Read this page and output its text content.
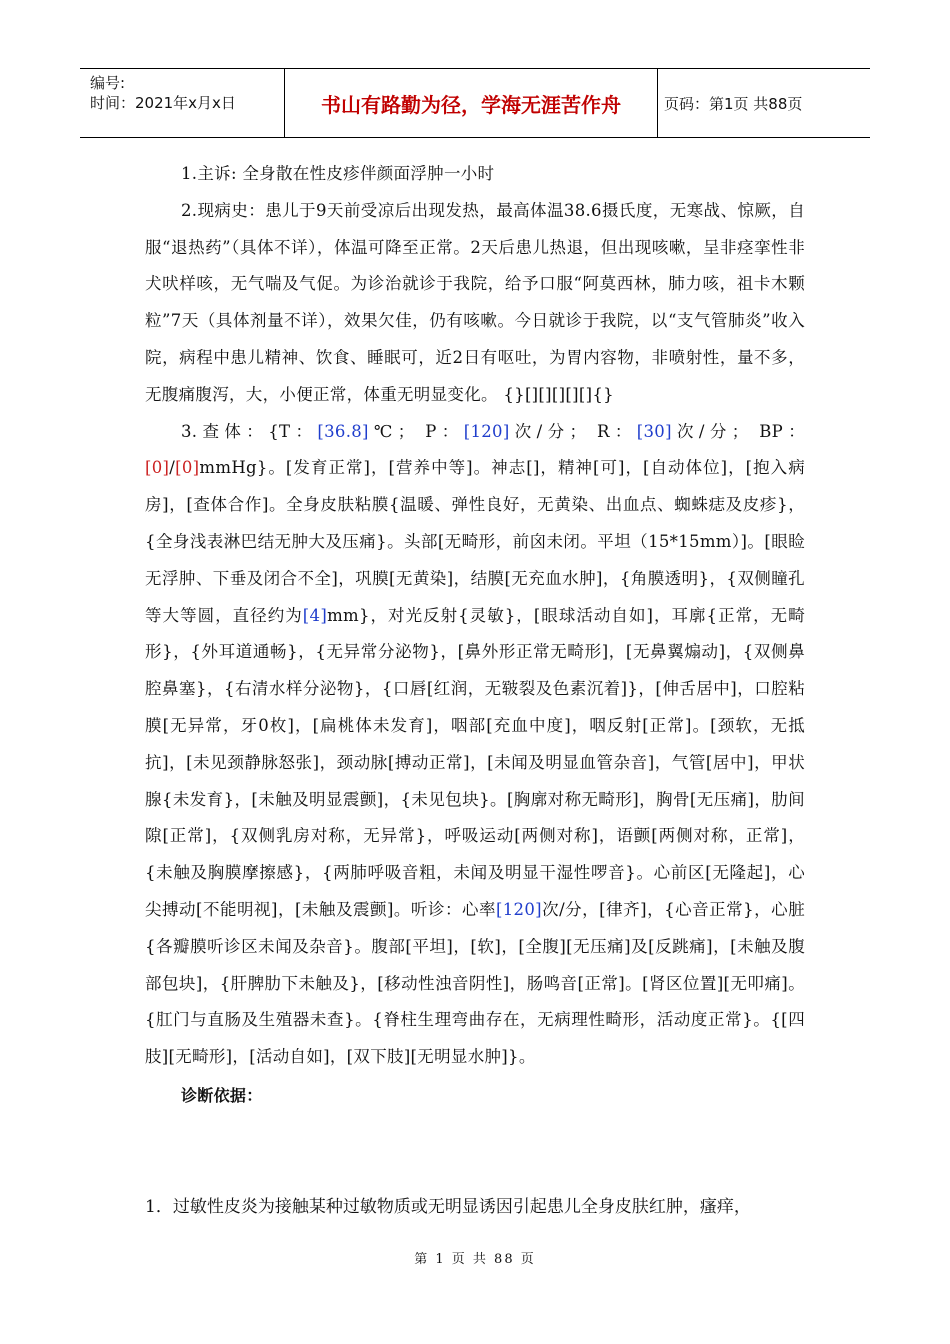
编号:
时间：2021年x月x日	书山有路勤为径，学海无涯苦作舟	页码：第1页 共88页

1.主诉: 全身散在性皮疹伴颜面浮肿一小时

2.现病史：患儿于9天前受凉后出现发热，最高体温38.6摄氏度，无寒战、惊厥，自服“退热药”（具体不详），体温可降至正常。2天后患儿热退，但出现咳嗽，呈非痉挛性非犬吠样咳，无气喘及气促。为诊治就诊于我院，给予口服“阿莫西林，肺力咳，祖卡木颗粒”7天（具体剂量不详），效果欠佳，仍有咳嗽。今日就诊于我院，以“支气管肺炎”收入院，病程中患儿精神、饮食、睡眠可，近2日有呕吐，为胃内容物，非喷射性，量不多，无腹痛腹泻，大，小便正常，体重无明显变化。 {}[][][][][]{}

3.查体：{T：[36.8]℃； P：[120]次/分； R：[30]次/分； BP：[0]/[0]mmHg}。[发育正常]，[营养中等]。神志[]，精神[可]，[自动体位]，[抱入病房]，[查体合作]。全身皮肤粘膜{温暖、弹性良好，无黄染、出血点、蜘蛛痣及皮疹}，{全身浅表淋巴结无肿大及压痛}。头部[无畸形，前囟未闭。平坦（15*15mm）]。[眼睑无浮肿、下垂及闭合不全]，巩膜[无黄染]，结膜[无充血水肿]，{角膜透明}，{双侧瞳孔等大等圆，直径约为[4]mm}，对光反射{灵敏}，[眼球活动自如]，耳廓{正常，无畸形}，{外耳道通畅}，{无异常分泌物}，[鼻外形正常无畸形]，[无鼻翼煽动]，{双侧鼻腔鼻塞}，{右清水样分泌物}，{口唇[红润，无皲裂及色素沉着]}，[伸舌居中]，口腔粘膜[无异常，牙0枚]，[扁桃体未发育]，咽部[充血中度]，咽反射[正常]。[颈软，无抵抗]，[未见颈静脉怒张]，颈动脉[搏动正常]，[未闻及明显血管杂音]，气管[居中]，甲状腺{未发育}，[未触及明显震颤]，{未见包块}。[胸廓对称无畸形]，胸骨[无压痛]，肋间隙[正常]，{双侧乳房对称，无异常}，呼吸运动[两侧对称]，语颤[两侧对称，正常]，{未触及胸膜摩擦感}，{两肺呼吸音粗，未闻及明显干湿性啰音}。心前区[无隆起]，心尖搏动[不能明视]，[未触及震颤]。听诊：心率[120]次/分，[律齐]，{心音正常}，心脏{各瓣膜听诊区未闻及杂音}。腹部[平坦]，[软]，[全腹][无压痛]及[反跳痛]，[未触及腹部包块]，{肝脾肋下未触及}，[移动性浊音阴性]，肠鸣音[正常]。[肾区位置][无叩痛]。{肛门与直肠及生殖器未查}。{脊柱生理弯曲存在，无病理性畸形，活动度正常}。{[四肢][无畸形]，[活动自如]，[双下肢][无明显水肿]}。

诊断依据：

1．过敏性皮炎为接触某种过敏物质或无明显诱因引起患儿全身皮肤红肿，瘙痒，
第 1 页 共 88 页
